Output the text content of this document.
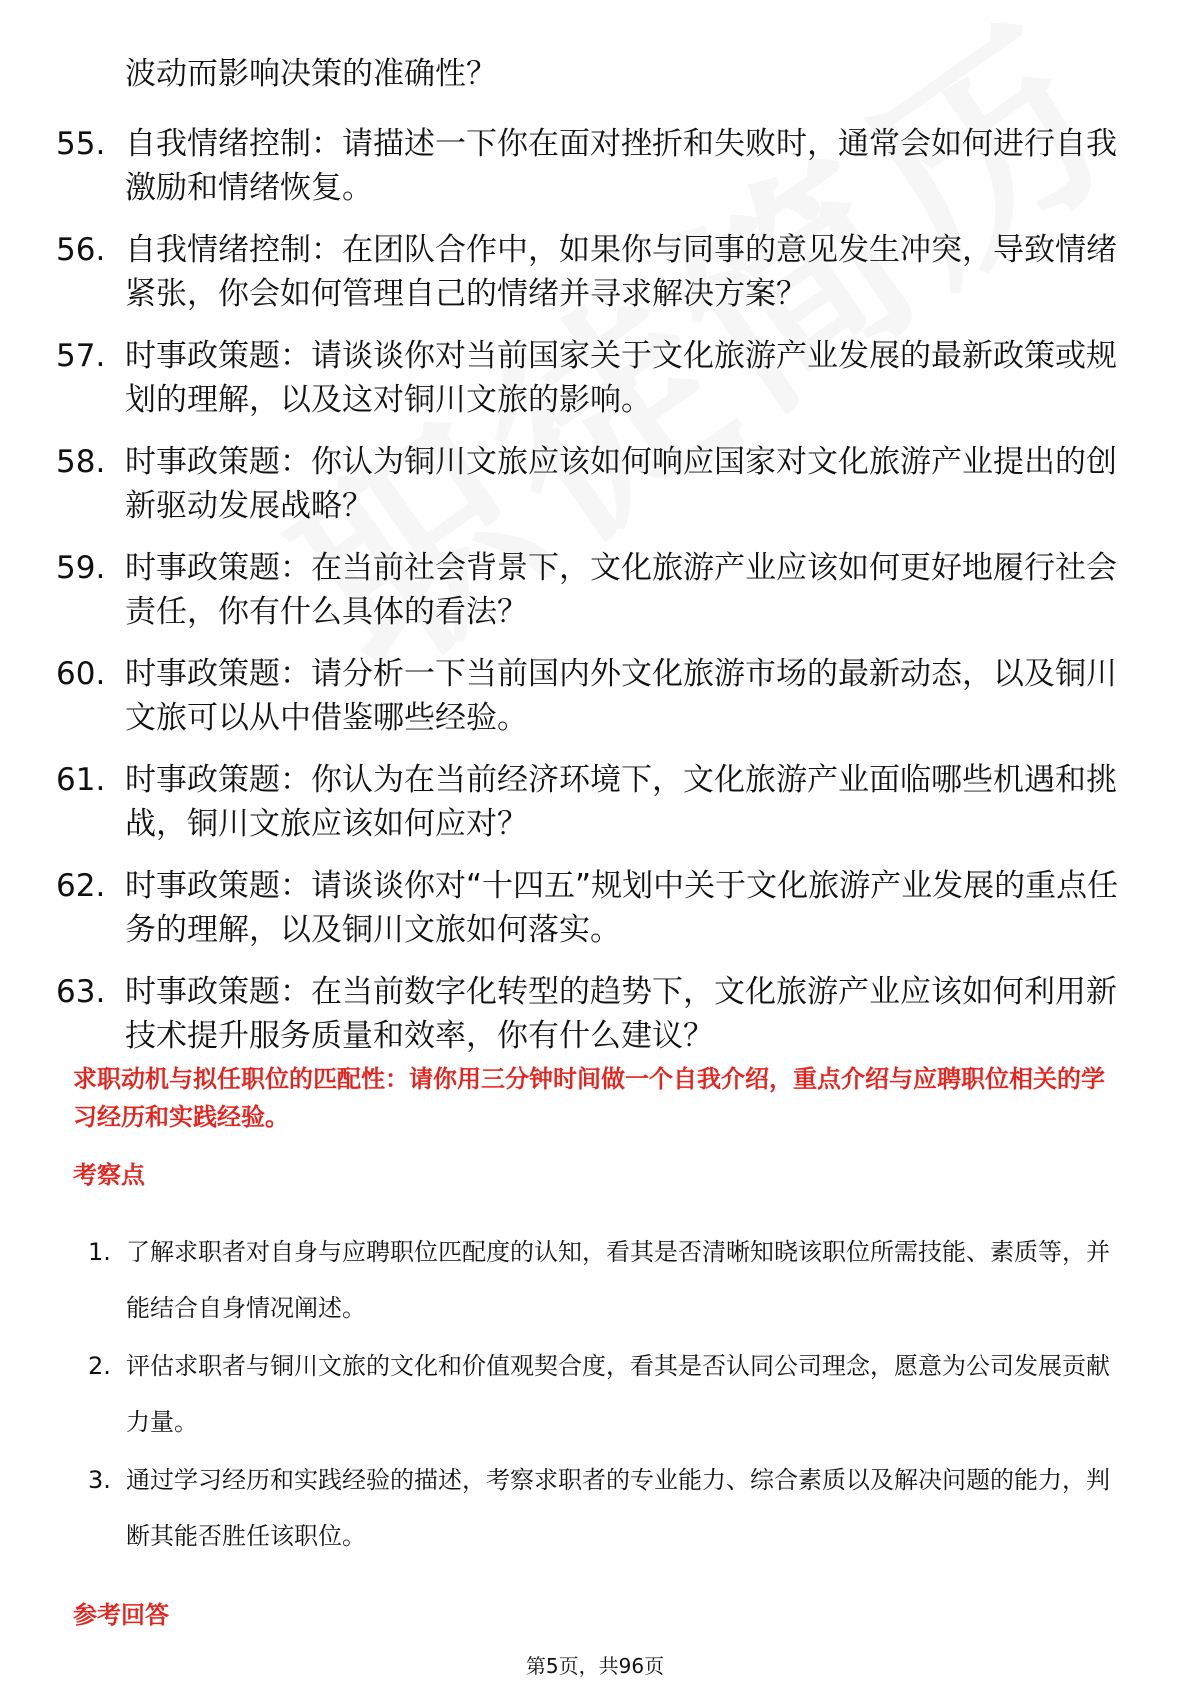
波动而影响决策的准确性？
55. 自我情绪控制：请描述一下你在面对挫折和失败时，通常会如何进行自我激励和情绪恢复。
56. 自我情绪控制：在团队合作中，如果你与同事的意见发生冲突，导致情绪紧张，你会如何管理自己的情绪并寻求解决方案？
57. 时事政策题：请谈谈你对当前国家关于文化旅游产业发展的最新政策或规划的理解，以及这对铜川文旅的影响。
58. 时事政策题：你认为铜川文旅应该如何响应国家对文化旅游产业提出的创新驱动发展战略？
59. 时事政策题：在当前社会背景下，文化旅游产业应该如何更好地履行社会责任，你有什么具体的看法？
60. 时事政策题：请分析一下当前国内外文化旅游市场的最新动态，以及铜川文旅可以从中借鉴哪些经验。
61. 时事政策题：你认为在当前经济环境下，文化旅游产业面临哪些机遇和挑战，铜川文旅应该如何应对？
62. 时事政策题：请谈谈你对“十四五”规划中关于文化旅游产业发展的重点任务的理解，以及铜川文旅如何落实。
63. 时事政策题：在当前数字化转型的趋势下，文化旅游产业应该如何利用新技术提升服务质量和效率，你有什么建议？
求职动机与拟任职位的匹配性：请你用三分钟时间做一个自我介绍，重点介绍与应聘职位相关的学习经历和实践经验。
考察点
1. 了解求职者对自身与应聘职位匹配度的认知，看其是否清晰知晓该职位所需技能、素质等，并能结合自身情况阐述。
2. 评估求职者与铜川文旅的文化和价值观契合度，看其是否认同公司理念，愿意为公司发展贡献力量。
3. 通过学习经历和实践经验的描述，考察求职者的专业能力、综合素质以及解决问题的能力，判断其能否胜任该职位。
参考回答
第5页，共96页
